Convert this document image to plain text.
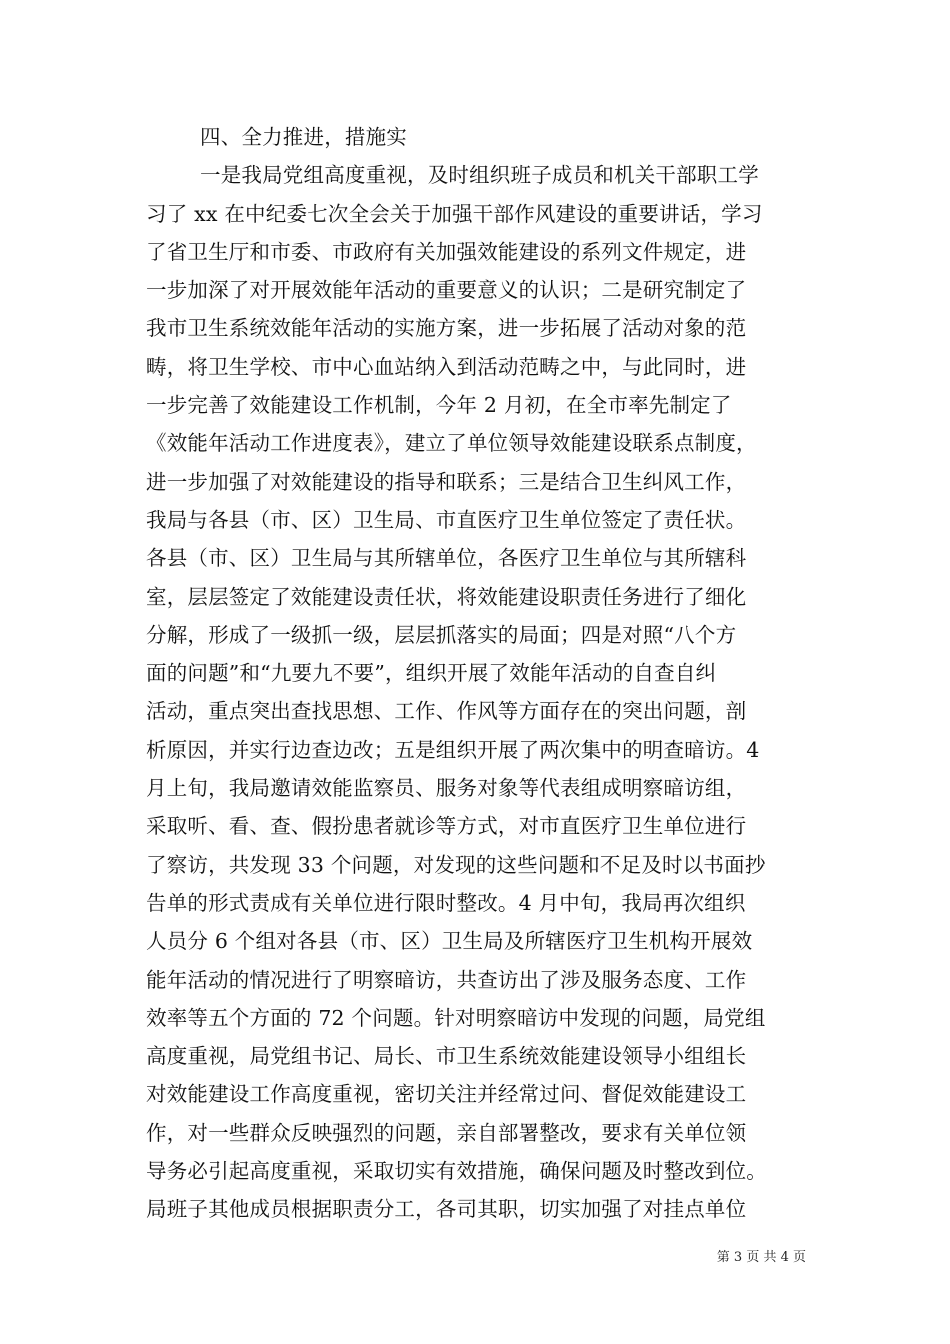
四、全力推进，措施实

一是我局党组高度重视，及时组织班子成员和机关干部职工学

习了 xx 在中纪委七次全会关于加强干部作风建设的重要讲话，学习

了省卫生厅和市委、市政府有关加强效能建设的系列文件规定，进

一步加深了对开展效能年活动的重要意义的认识；二是研究制定了

我市卫生系统效能年活动的实施方案，进一步拓展了活动对象的范

畴，将卫生学校、市中心血站纳入到活动范畴之中，与此同时，进

一步完善了效能建设工作机制，今年 2 月初，在全市率先制定了

《效能年活动工作进度表》，建立了单位领导效能建设联系点制度，

进一步加强了对效能建设的指导和联系；三是结合卫生纠风工作，

我局与各县（市、区）卫生局、市直医疗卫生单位签定了责任状。

各县（市、区）卫生局与其所辖单位，各医疗卫生单位与其所辖科

室，层层签定了效能建设责任状，将效能建设职责任务进行了细化

分解，形成了一级抓一级，层层抓落实的局面；四是对照“八个方

面的问题”和“九要九不要”，组织开展了效能年活动的自查自纠

活动，重点突出查找思想、工作、作风等方面存在的突出问题，剖

析原因，并实行边查边改；五是组织开展了两次集中的明查暗访。4

月上旬，我局邀请效能监察员、服务对象等代表组成明察暗访组，

采取听、看、查、假扮患者就诊等方式，对市直医疗卫生单位进行

了察访，共发现 33 个问题，对发现的这些问题和不足及时以书面抄

告单的形式责成有关单位进行限时整改。4 月中旬，我局再次组织

人员分 6 个组对各县（市、区）卫生局及所辖医疗卫生机构开展效

能年活动的情况进行了明察暗访，共查访出了涉及服务态度、工作

效率等五个方面的 72 个问题。针对明察暗访中发现的问题，局党组

高度重视，局党组书记、局长、市卫生系统效能建设领导小组组长

对效能建设工作高度重视，密切关注并经常过问、督促效能建设工

作，对一些群众反映强烈的问题，亲自部署整改，要求有关单位领

导务必引起高度重视，采取切实有效措施，确保问题及时整改到位。

局班子其他成员根据职责分工，各司其职，切实加强了对挂点单位

第 3 页 共 4 页
